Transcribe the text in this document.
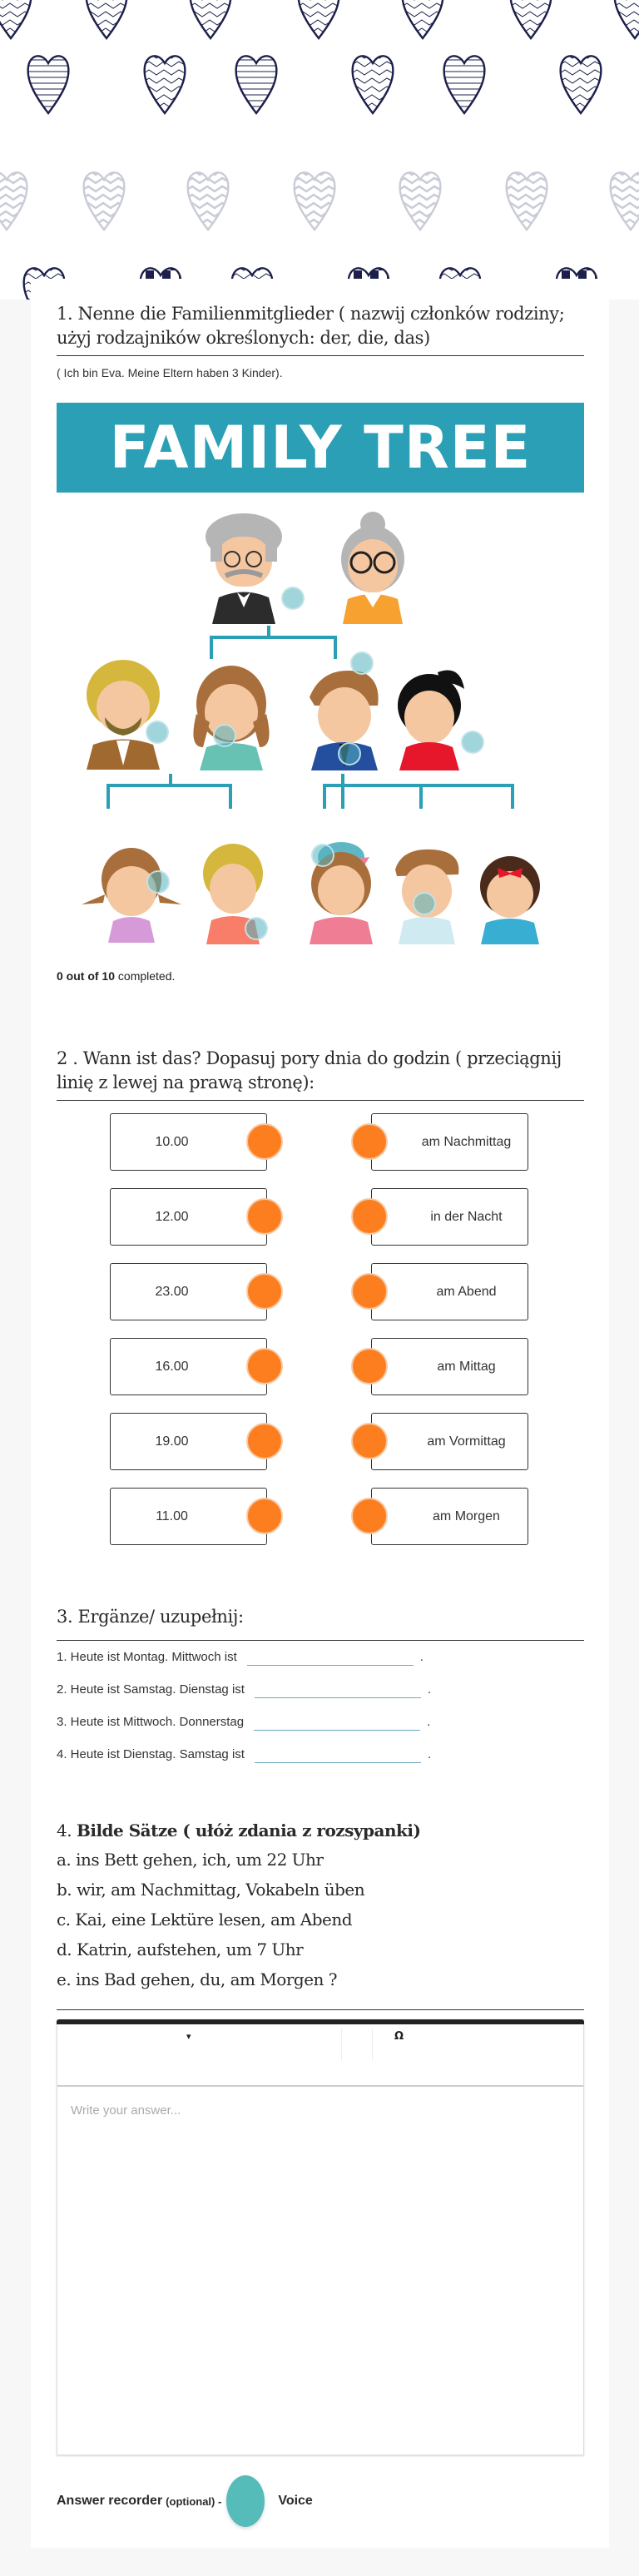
1. Nenne die Familienmitglieder ( nazwij członków rodziny; użyj rodzajników określonych: der, die, das)
( Ich bin Eva. Meine Eltern haben 3 Kinder).
FAMILY TREE
0 out of 10 completed.
2 . Wann ist das? Dopasuj pory dnia do godzin ( przeciągnij linię z lewej na prawą stronę):
10.00	am Nachmittag
12.00	in der Nacht
23.00	am Abend
16.00	am Mittag
19.00	am Vormittag
11.00	am Morgen
3. Ergänze/ uzupełnij:
1. Heute ist Montag. Mittwoch ist	.
2. Heute ist Samstag. Dienstag ist	.
3. Heute ist Mittwoch. Donnerstag	.
4. Heute ist Dienstag. Samstag ist	.
4. Bilde Sätze ( ułóż zdania z rozsypanki)
a. ins Bett gehen, ich, um 22 Uhr
b. wir, am Nachmittag, Vokabeln üben
c. Kai, eine Lektüre lesen, am Abend
d. Katrin, aufstehen, um 7 Uhr
e. ins Bad gehen, du, am Morgen ?
▾	Ω
Write your answer...
Answer recorder (optional) -	Voice
